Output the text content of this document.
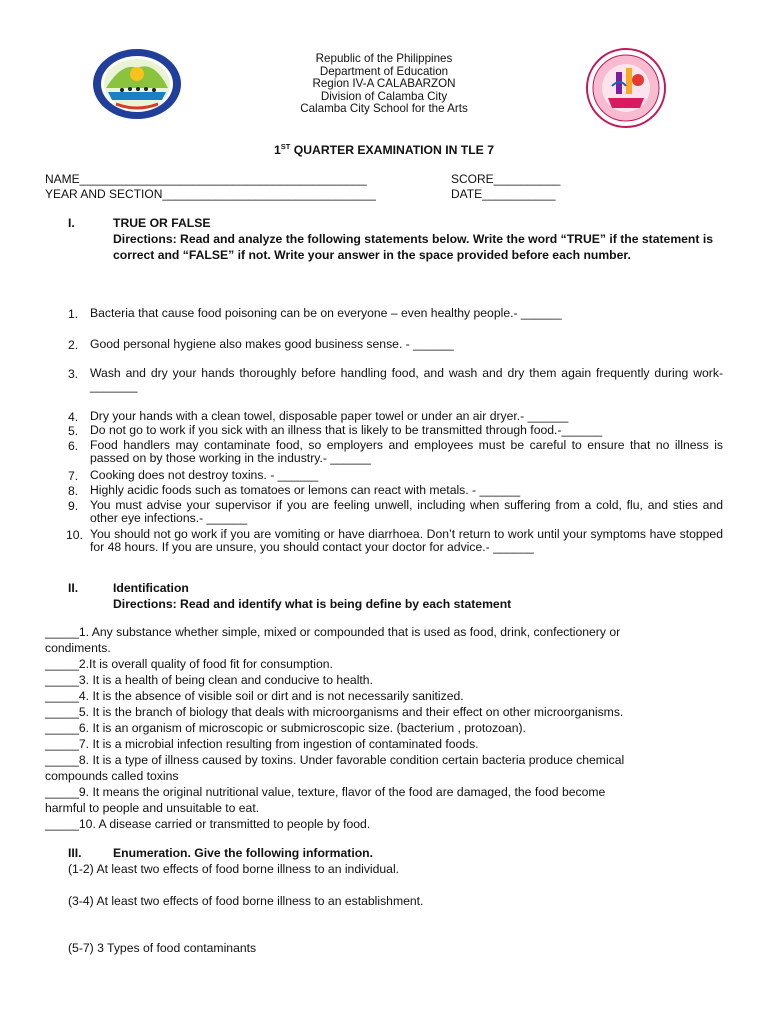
Republic of the Philippines
Department of Education
Region IV-A CALABARZON
Division of Calamba City
Calamba City School for the Arts
1ST QUARTER EXAMINATION IN TLE 7
NAME___________________________________________
YEAR AND SECTION________________________________
SCORE__________
DATE___________
I.	TRUE OR FALSE
Directions: Read and analyze the following statements below. Write the word “TRUE” if the statement is correct and “FALSE” if not. Write your answer in the space provided before each number.
1. Bacteria that cause food poisoning can be on everyone – even healthy people.- ______
2. Good personal hygiene also makes good business sense. - ______
3. Wash and dry your hands thoroughly before handling food, and wash and dry them again frequently during work-_______
4. Dry your hands with a clean towel, disposable paper towel or under an air dryer.- ______
5. Do not go to work if you sick with an illness that is likely to be transmitted through food.-______
6. Food handlers may contaminate food, so employers and employees must be careful to ensure that no illness is passed on by those working in the industry.- ______
7. Cooking does not destroy toxins. - ______
8. Highly acidic foods such as tomatoes or lemons can react with metals. - ______
9. You must advise your supervisor if you are feeling unwell, including when suffering from a cold, flu, and sties and other eye infections.- ______
10. You should not go work if you are vomiting or have diarrhoea. Don’t return to work until your symptoms have stopped for 48 hours. If you are unsure, you should contact your doctor for advice.- ______
II.	Identification
Directions: Read and identify what is being define by each statement
_____1. Any substance whether simple, mixed or compounded that is used as food, drink, confectionery or
condiments.
_____2.It is overall quality of food fit for consumption.
_____3. It is a health of being clean and conducive to health.
_____4. It is the absence of visible soil or dirt and is not necessarily sanitized.
_____5. It is the branch of biology that deals with microorganisms and their effect on other microorganisms.
_____6. It is an organism of microscopic or submicroscopic size. (bacterium , protozoan).
_____7. It is a microbial infection resulting from ingestion of contaminated foods.
_____8. It is a type of illness caused by toxins. Under favorable condition certain bacteria produce chemical
compounds called toxins
_____9. It means the original nutritional value, texture, flavor of the food are damaged, the food become
harmful to people and unsuitable to eat.
_____10. A disease carried or transmitted to people by food.
III.	Enumeration. Give the following information.
(1-2) At least two effects of food borne illness to an individual.
(3-4) At least two effects of food borne illness to an establishment.
(5-7) 3 Types of food contaminants
